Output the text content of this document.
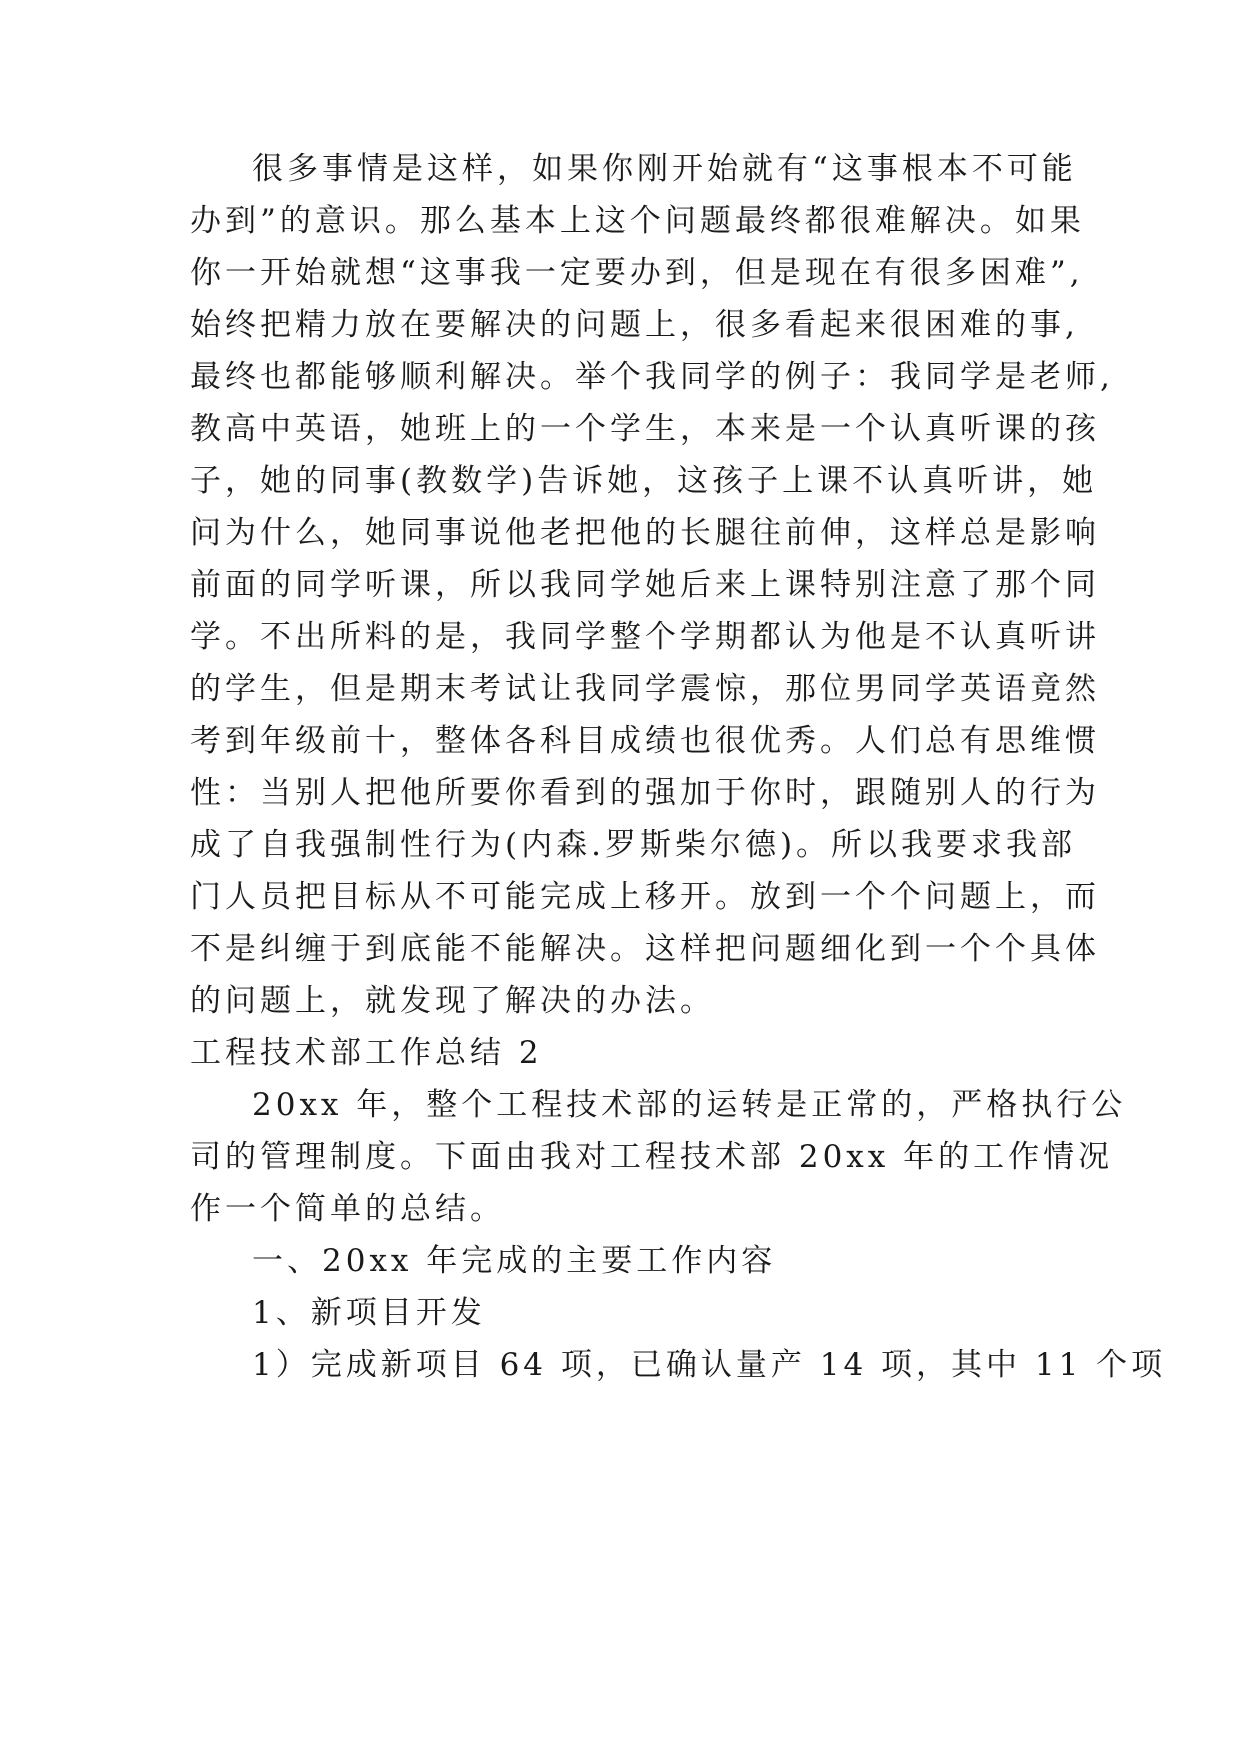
很多事情是这样，如果你刚开始就有“这事根本不可能
办到”的意识。那么基本上这个问题最终都很难解决。如果
你一开始就想“这事我一定要办到，但是现在有很多困难”,
始终把精力放在要解决的问题上，很多看起来很困难的事,
最终也都能够顺利解决。举个我同学的例子：我同学是老师,
教高中英语，她班上的一个学生，本来是一个认真听课的孩
子，她的同事(教数学)告诉她，这孩子上课不认真听讲，她
问为什么，她同事说他老把他的长腿往前伸，这样总是影响
前面的同学听课，所以我同学她后来上课特别注意了那个同
学。不出所料的是，我同学整个学期都认为他是不认真听讲
的学生，但是期末考试让我同学震惊，那位男同学英语竟然
考到年级前十，整体各科目成绩也很优秀。人们总有思维惯
性：当别人把他所要你看到的强加于你时，跟随别人的行为
成了自我强制性行为(内森.罗斯柴尔德)。所以我要求我部
门人员把目标从不可能完成上移开。放到一个个问题上，而
不是纠缠于到底能不能解决。这样把问题细化到一个个具体
的问题上，就发现了解决的办法。
工程技术部工作总结 2
20xx 年，整个工程技术部的运转是正常的，严格执行公
司的管理制度。下面由我对工程技术部 20xx 年的工作情况
作一个简单的总结。
一、20xx 年完成的主要工作内容
1、新项目开发
1）完成新项目 64 项，已确认量产 14 项，其中 11 个项
